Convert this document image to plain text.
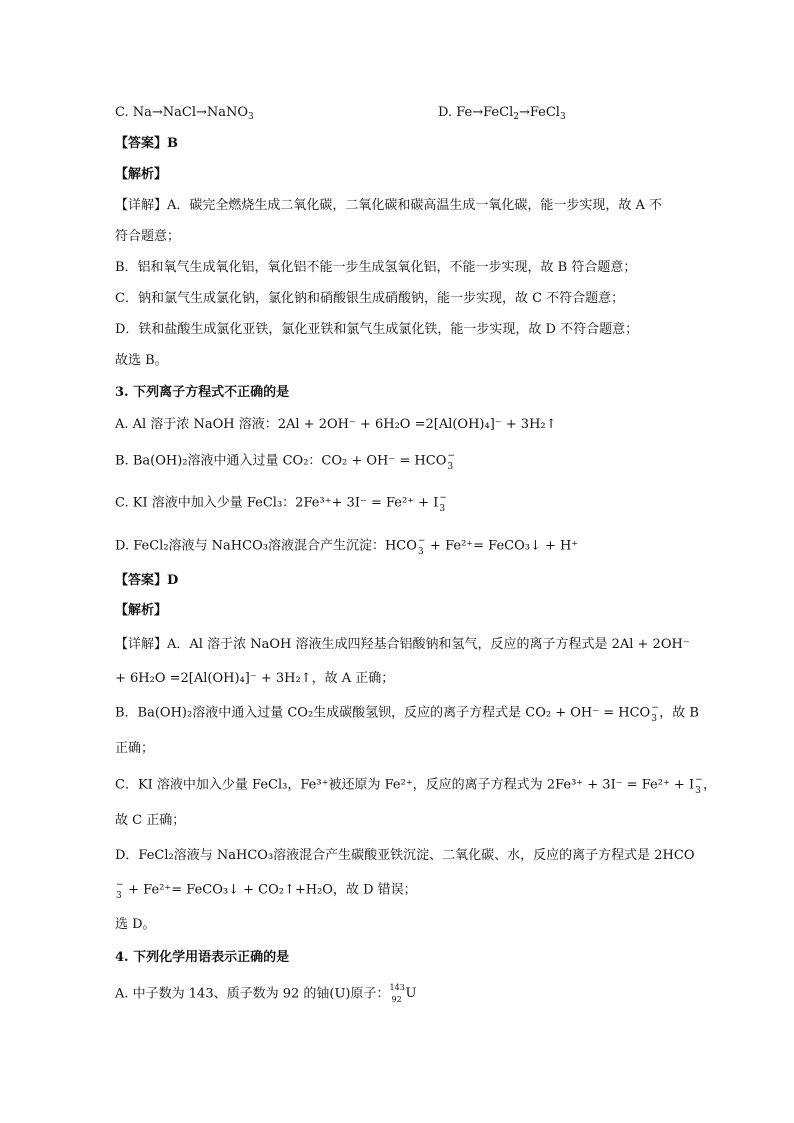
C. Na→NaCl→NaNO$_3$	D. Fe→FeCl$_2$→FeCl$_3$
【答案】B
【解析】
【详解】A．碳完全燃烧生成二氧化碳，二氧化碳和碳高温生成一氧化碳，能一步实现，故 A 不
符合题意；
B．铝和氧气生成氧化铝，氧化铝不能一步生成氢氧化铝，不能一步实现，故 B 符合题意；
C．钠和氯气生成氯化钠，氯化钠和硝酸银生成硝酸钠，能一步实现，故 C 不符合题意；
D．铁和盐酸生成氯化亚铁，氯化亚铁和氯气生成氯化铁，能一步实现，故 D 不符合题意；
故选 B。
3. 下列离子方程式不正确的是
A. Al 溶于浓 NaOH 溶液：2Al + 2OH⁻ + 6H₂O =2[Al(OH)₄]⁻ + 3H₂↑
B. Ba(OH)₂溶液中通入过量 CO₂：CO₂ + OH⁻ = HCO −
3
C. KI 溶液中加入少量 FeCl₃：2Fe³⁺+ 3I⁻ = Fe²⁺ + I −
3
D. FeCl₂溶液与 NaHCO₃溶液混合产生沉淀：HCO −
3 + Fe²⁺= FeCO₃↓ + H⁺
【答案】D
【解析】
【详解】A．Al 溶于浓 NaOH 溶液生成四羟基合铝酸钠和氢气，反应的离子方程式是 2Al + 2OH⁻
+ 6H₂O =2[Al(OH)₄]⁻ + 3H₂↑，故 A 正确；
B．Ba(OH)₂溶液中通入过量 CO₂生成碳酸氢钡，反应的离子方程式是 CO₂ + OH⁻ = HCO −
3 ，故 B
正确；
C．KI 溶液中加入少量 FeCl₃，Fe³⁺被还原为 Fe²⁺，反应的离子方程式为 2Fe³⁺ + 3I⁻ = Fe²⁺ + I −
3 ，
故 C 正确；
D．FeCl₂溶液与 NaHCO₃溶液混合产生碳酸亚铁沉淀、二氧化碳、水，反应的离子方程式是 2HCO
−
3 + Fe²⁺= FeCO₃↓ + CO₂↑+H₂O，故 D 错误；
选 D。
4. 下列化学用语表示正确的是
A. 中子数为 143、质子数为 92 的铀(U)原子： 143
92 U
